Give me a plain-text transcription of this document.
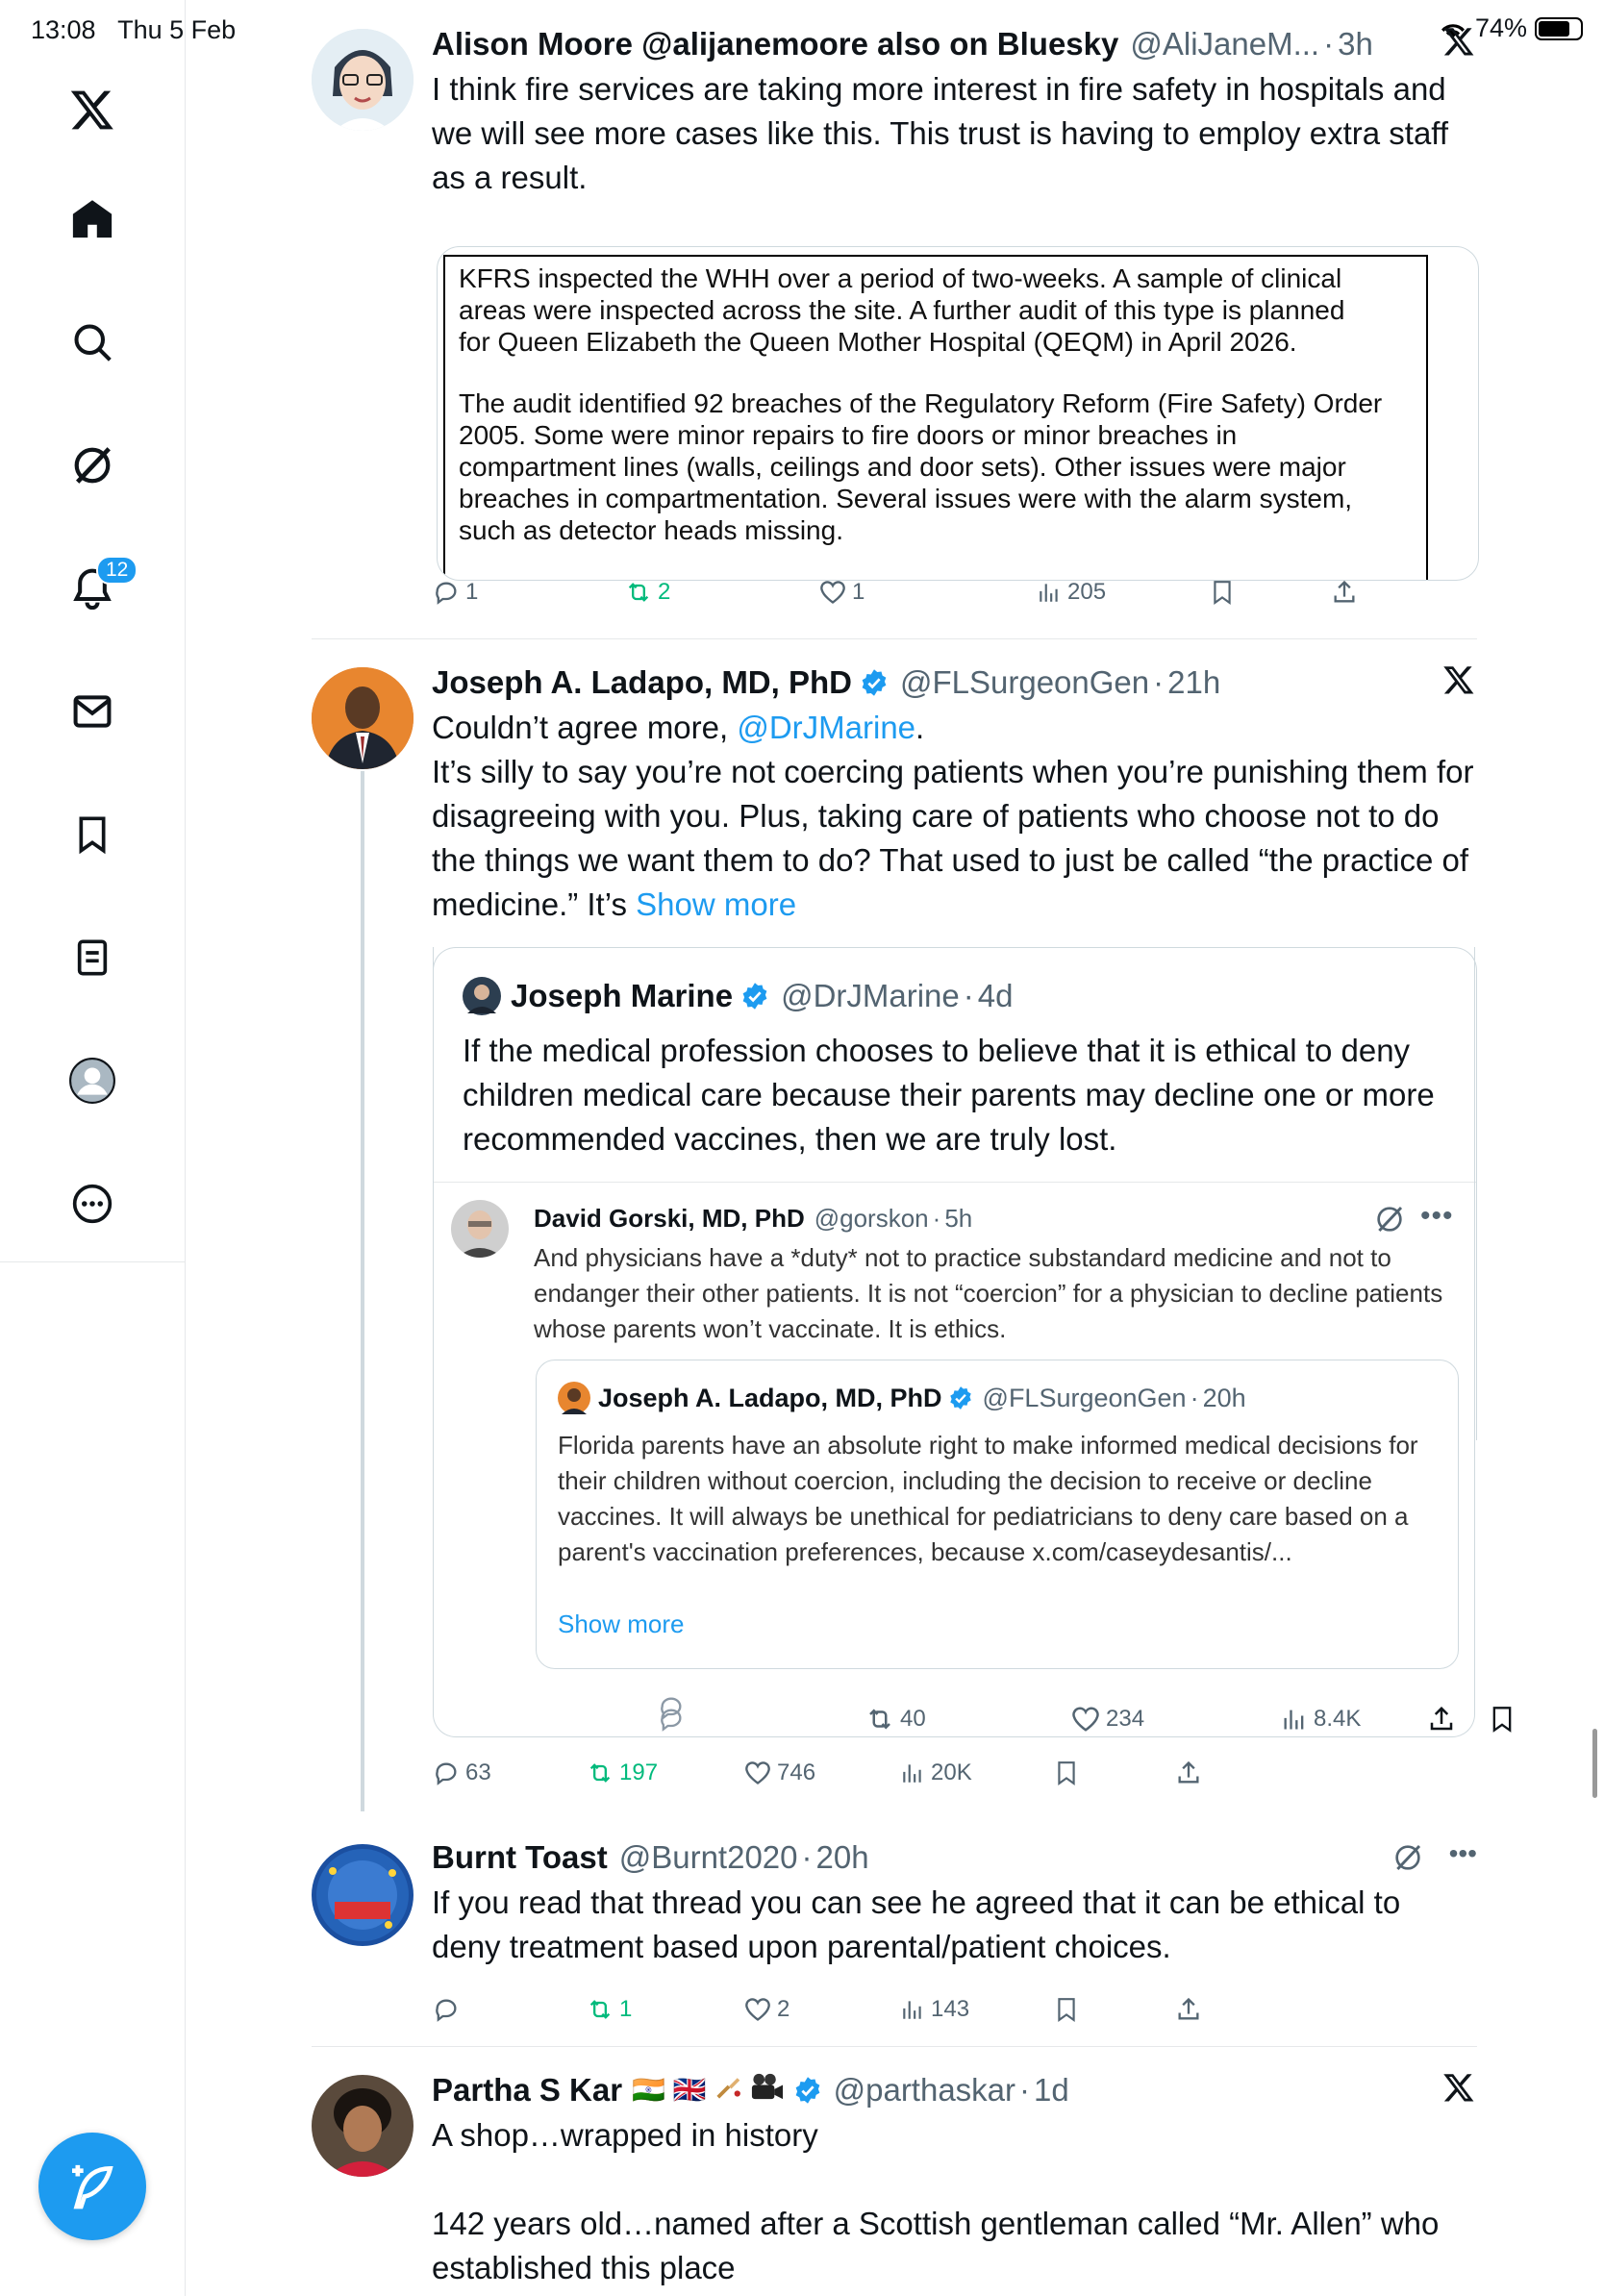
13:08 Thu 5 Feb	74%
12
Alison Moore @alijanemoore also on Bluesky @AliJaneM... · 3h
I think fire services are taking more interest in fire safety in hospitals and we will see more cases like this. This trust is having to employ extra staff as a result.

KFRS inspected the WHH over a period of two-weeks. A sample of clinical
areas were inspected across the site. A further audit of this type is planned
for Queen Elizabeth the Queen Mother Hospital (QEQM) in April 2026.

The audit identified 92 breaches of the Regulatory Reform (Fire Safety) Order
2005. Some were minor repairs to fire doors or minor breaches in
compartment lines (walls, ceilings and door sets). Other issues were major
breaches in compartmentation. Several issues were with the alarm system,
such as detector heads missing.

1	2	1	205
Joseph A. Ladapo, MD, PhD @FLSurgeonGen · 21h
Couldn’t agree more, @DrJMarine.
It’s silly to say you’re not coercing patients when you’re punishing them for disagreeing with you. Plus, taking care of patients who choose not to do the things we want them to do? That used to just be called “the practice of medicine.” It’s Show more
Joseph Marine @DrJMarine · 4d
If the medical profession chooses to believe that it is ethical to deny children medical care because their parents may decline one or more recommended vaccines, then we are truly lost.
David Gorski, MD, PhD @gorskon · 5h	•••
And physicians have a *duty* not to practice substandard medicine and not to endanger their other patients. It is not “coercion” for a physician to decline patients whose parents won’t vaccinate. It is ethics.
Joseph A. Ladapo, MD, PhD @FLSurgeonGen · 20h
Florida parents have an absolute right to make informed medical decisions for their children without coercion, including the decision to receive or decline vaccines. It will always be unethical for pediatricians to deny care based on a parent's vaccination preferences, because x.com/caseydesantis/...
Show more
40	234	8.4K
63	197	746	20K
Burnt Toast @Burnt2020 · 20h	•••
If you read that thread you can see he agreed that it can be ethical to deny treatment based upon parental/patient choices.
1	2	143
Partha S Kar 🇮🇳 🇬🇧	@parthaskar · 1d
A shop…wrapped in history
142 years old…named after a Scottish gentleman called “Mr. Allen” who established this place
